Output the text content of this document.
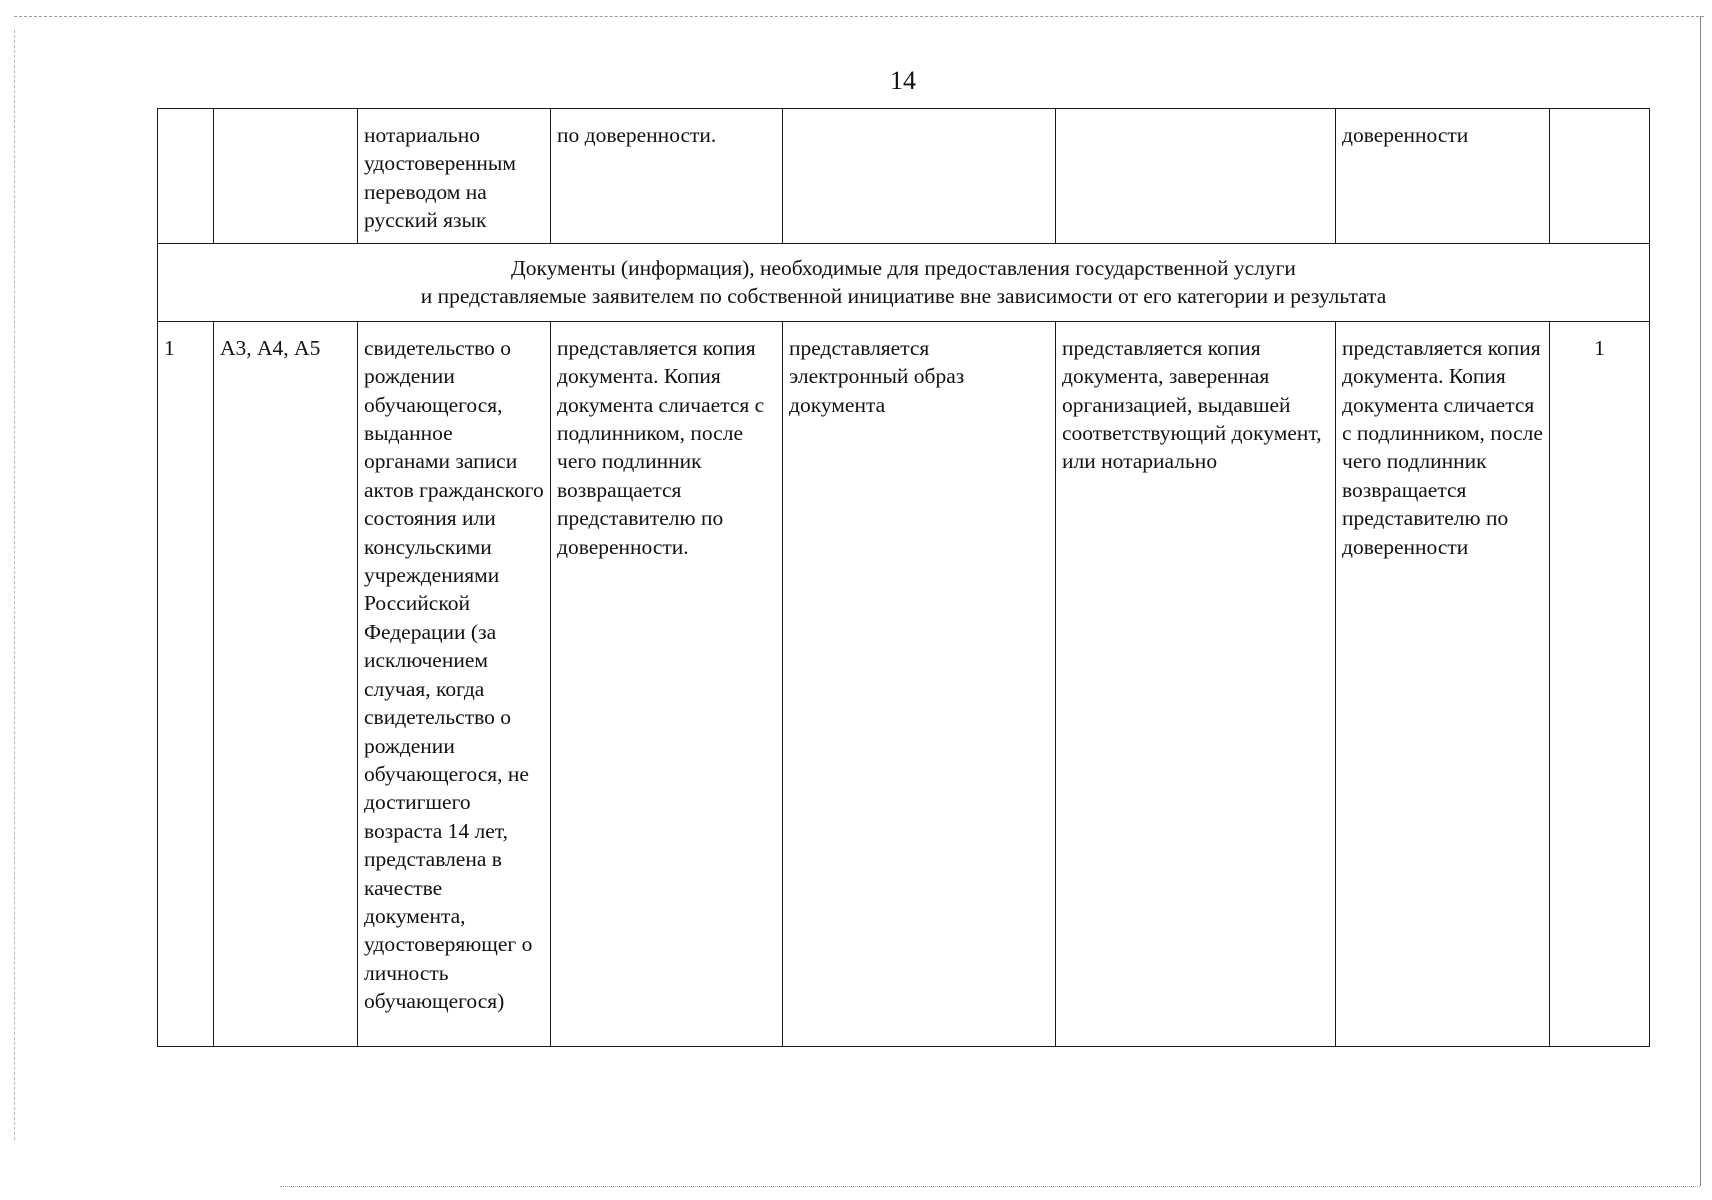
14
		нотариально удостоверенным переводом на русский язык	по доверенности.			доверенности	

Документы (информация), необходимые для предоставления государственной услуги
и представляемые заявителем по собственной инициативе вне зависимости от его категории и результата							

1	А3, А4, А5	свидетельство о рождении обучающегося, выданное органами записи актов гражданского состояния или консульскими учреждениями Российской Федерации (за исключением случая, когда свидетельство о рождении обучающегося, не достигшего возраста 14 лет, представлена в качестве документа, удостоверяющег о личность обучающегося)	представляется копия документа. Копия документа сличается с подлинником, после чего подлинник возвращается представителю по доверенности.	представляется электронный образ документа	представляется копия документа, заверенная организацией, выдавшей соответствующий документ, или нотариально	представляется копия документа. Копия документа сличается с подлинником, после чего подлинник возвращается представителю по доверенности	1
